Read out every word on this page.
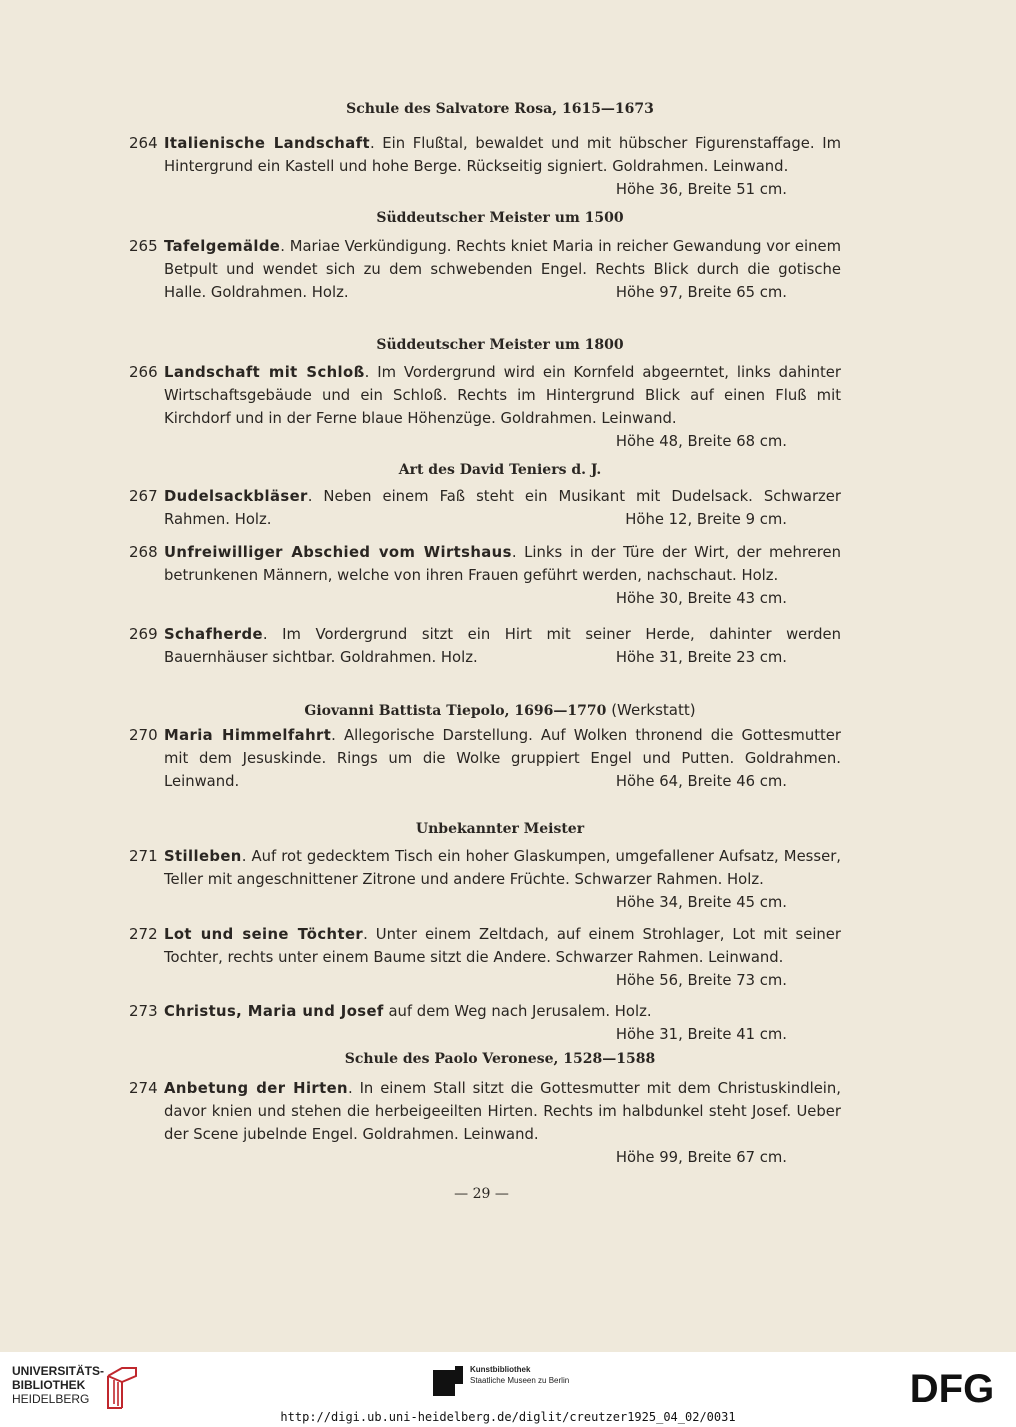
Schule des Salvatore Rosa, 1615—1673
264 Italienische Landschaft. Ein Flußtal, bewaldet und mit hübscher Figurenstaffage. Im Hintergrund ein Kastell und hohe Berge. Rückseitig signiert. Goldrahmen. Leinwand.
Höhe 36, Breite 51 cm.
Süddeutscher Meister um 1500
265 Tafelgemälde. Mariae Verkündigung. Rechts kniet Maria in reicher Gewandung vor einem Betpult und wendet sich zu dem schwebenden Engel. Rechts Blick durch die gotische Halle. Goldrahmen. Holz.	Höhe 97, Breite 65 cm.
Süddeutscher Meister um 1800
266 Landschaft mit Schloß. Im Vordergrund wird ein Kornfeld abgeerntet, links dahinter Wirtschaftsgebäude und ein Schloß. Rechts im Hintergrund Blick auf einen Fluß mit Kirchdorf und in der Ferne blaue Höhenzüge. Goldrahmen. Leinwand.
Höhe 48, Breite 68 cm.
Art des David Teniers d. J.
267 Dudelsackbläser. Neben einem Faß steht ein Musikant mit Dudelsack. Schwarzer Rahmen. Holz.	Höhe 12, Breite 9 cm.
268 Unfreiwilliger Abschied vom Wirtshaus. Links in der Türe der Wirt, der mehreren betrunkenen Männern, welche von ihren Frauen geführt werden, nachschaut. Holz.
Höhe 30, Breite 43 cm.
269 Schafherde. Im Vordergrund sitzt ein Hirt mit seiner Herde, dahinter werden Bauernhäuser sichtbar. Goldrahmen. Holz.	Höhe 31, Breite 23 cm.
Giovanni Battista Tiepolo, 1696—1770 (Werkstatt)
270 Maria Himmelfahrt. Allegorische Darstellung. Auf Wolken thronend die Gottesmutter mit dem Jesuskinde. Rings um die Wolke gruppiert Engel und Putten. Goldrahmen. Leinwand.	Höhe 64, Breite 46 cm.
Unbekannter Meister
271 Stilleben. Auf rot gedecktem Tisch ein hoher Glaskumpen, umgefallener Aufsatz, Messer, Teller mit angeschnittener Zitrone und andere Früchte. Schwarzer Rahmen. Holz.
Höhe 34, Breite 45 cm.
272 Lot und seine Töchter. Unter einem Zeltdach, auf einem Strohlager, Lot mit seiner Tochter, rechts unter einem Baume sitzt die Andere. Schwarzer Rahmen. Leinwand.
Höhe 56, Breite 73 cm.
273 Christus, Maria und Josef auf dem Weg nach Jerusalem. Holz.
Höhe 31, Breite 41 cm.
Schule des Paolo Veronese, 1528—1588
274 Anbetung der Hirten. In einem Stall sitzt die Gottesmutter mit dem Christuskindlein, davor knien und stehen die herbeigeeilten Hirten. Rechts im halbdunkel steht Josef. Ueber der Scene jubelnde Engel. Goldrahmen. Leinwand.
Höhe 99, Breite 67 cm.
— 29 —
UNIVERSITÄTS-
BIBLIOTHEK
HEIDELBERG
Kunstbibliothek
Staatliche Museen zu Berlin	DFG
http://digi.ub.uni-heidelberg.de/diglit/creutzer1925_04_02/0031
